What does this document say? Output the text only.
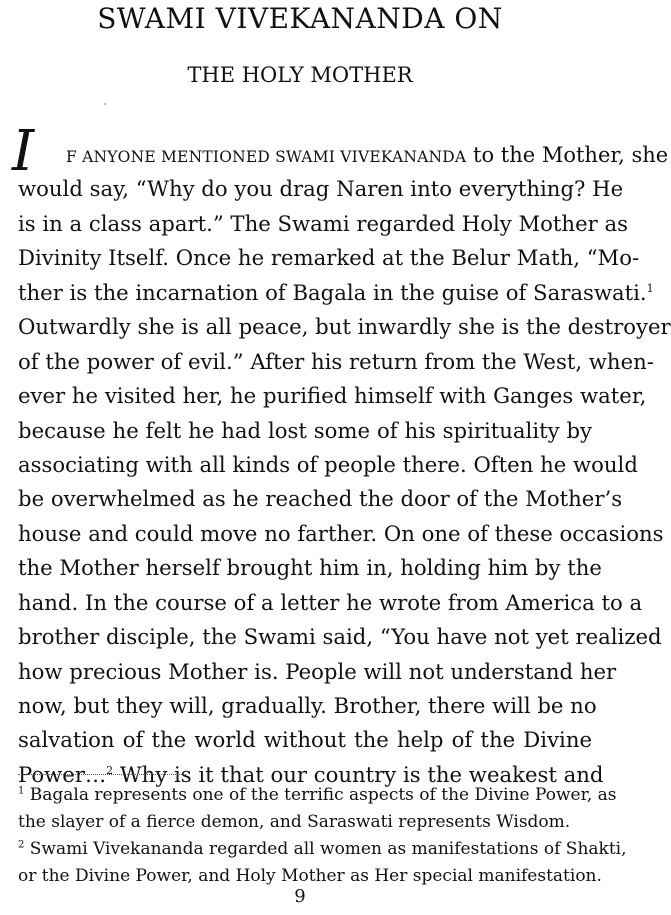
SWAMI VIVEKANANDA ON
THE HOLY MOTHER
I F ANYONE MENTIONED SWAMI VIVEKANANDA to the Mother, she
would say, “Why do you drag Naren into everything? He
is in a class apart.” The Swami regarded Holy Mother as
Divinity Itself. Once he remarked at the Belur Math, “Mo-
ther is the incarnation of Bagala in the guise of Saraswati.$^1$
Outwardly she is all peace, but inwardly she is the destroyer
of the power of evil.” After his return from the West, when-
ever he visited her, he purified himself with Ganges water,
because he felt he had lost some of his spirituality by
associating with all kinds of people there. Often he would
be overwhelmed as he reached the door of the Mother’s
house and could move no farther. On one of these occasions
the Mother herself brought him in, holding him by the
hand. In the course of a letter he wrote from America to a
brother disciple, the Swami said, “You have not yet realized
how precious Mother is. People will not understand her
now, but they will, gradually. Brother, there will be no
salvation of the world without the help of the Divine
Power…$^2$ Why is it that our country is the weakest and
$^1$ Bagala represents one of the terrific aspects of the Divine Power, as
the slayer of a fierce demon, and Saraswati represents Wisdom.
$^2$ Swami Vivekananda regarded all women as manifestations of Shakti,
or the Divine Power, and Holy Mother as Her special manifestation.
9
